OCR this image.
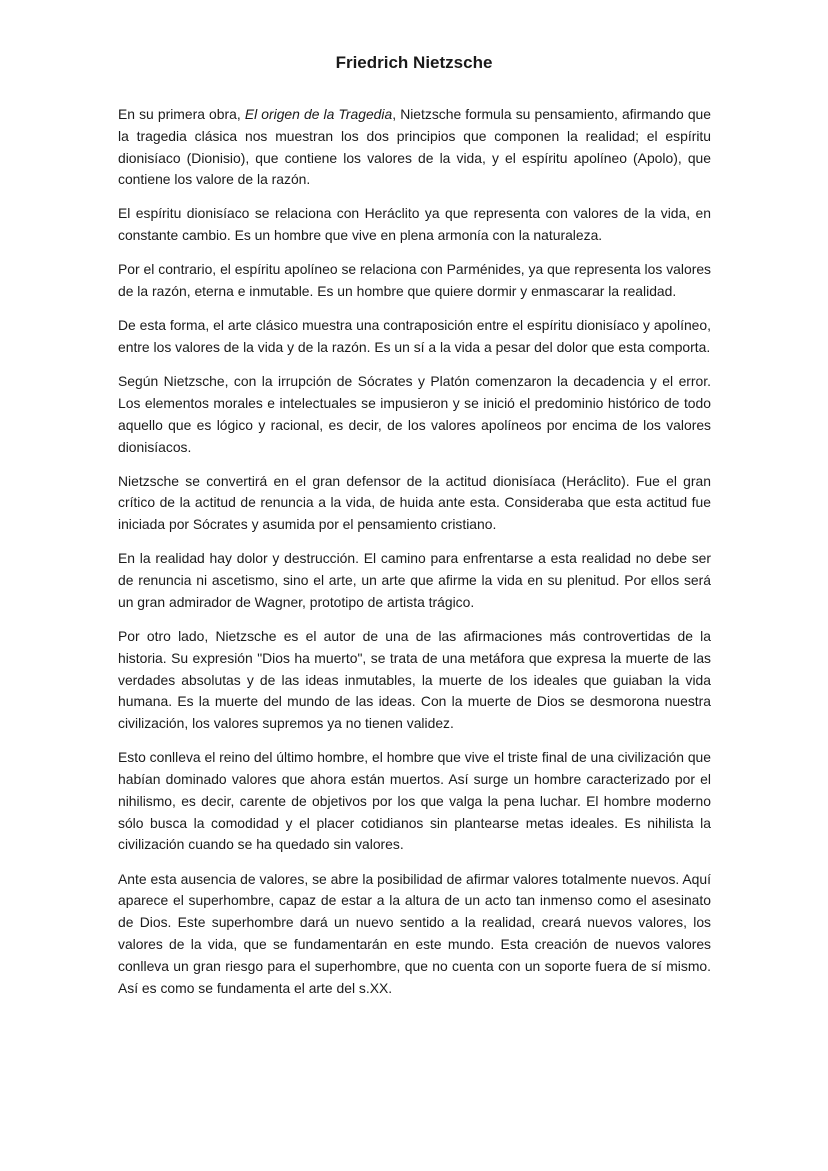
Friedrich Nietzsche

En su primera obra, El origen de la Tragedia, Nietzsche formula su pensamiento, afirmando que la tragedia clásica nos muestran los dos principios que componen la realidad; el espíritu dionisíaco (Dionisio), que contiene los valores de la vida, y el espíritu apolíneo (Apolo), que contiene los valore de la razón.

El espíritu dionisíaco se relaciona con Heráclito ya que representa con valores de la vida, en constante cambio. Es un hombre que vive en plena armonía con la naturaleza.

Por el contrario, el espíritu apolíneo se relaciona con Parménides, ya que representa los valores de la razón, eterna e inmutable. Es un hombre que quiere dormir y enmascarar la realidad.

De esta forma, el arte clásico muestra una contraposición entre el espíritu dionisíaco y apolíneo, entre los valores de la vida y de la razón. Es un sí a la vida a pesar del dolor que esta comporta.

Según Nietzsche, con la irrupción de Sócrates y Platón comenzaron la decadencia y el error. Los elementos morales e intelectuales se impusieron y se inició el predominio histórico de todo aquello que es lógico y racional, es decir, de los valores apolíneos por encima de los valores dionisíacos.

Nietzsche se convertirá en el gran defensor de la actitud dionisíaca (Heráclito). Fue el gran crítico de la actitud de renuncia a la vida, de huida ante esta. Consideraba que esta actitud fue iniciada por Sócrates y asumida por el pensamiento cristiano.

En la realidad hay dolor y destrucción. El camino para enfrentarse a esta realidad no debe ser de renuncia ni ascetismo, sino el arte, un arte que afirme la vida en su plenitud. Por ellos será un gran admirador de Wagner, prototipo de artista trágico.

Por otro lado, Nietzsche es el autor de una de las afirmaciones más controvertidas de la historia. Su expresión "Dios ha muerto", se trata de una metáfora que expresa la muerte de las verdades absolutas y de las ideas inmutables, la muerte de los ideales que guiaban la vida humana. Es la muerte del mundo de las ideas. Con la muerte de Dios se desmorona nuestra civilización, los valores supremos ya no tienen validez.

Esto conlleva el reino del último hombre, el hombre que vive el triste final de una civilización que habían dominado valores que ahora están muertos. Así surge un hombre caracterizado por el nihilismo, es decir, carente de objetivos por los que valga la pena luchar. El hombre moderno sólo busca la comodidad y el placer cotidianos sin plantearse metas ideales. Es nihilista la civilización cuando se ha quedado sin valores.

Ante esta ausencia de valores, se abre la posibilidad de afirmar valores totalmente nuevos. Aquí aparece el superhombre, capaz de estar a la altura de un acto tan inmenso como el asesinato de Dios. Este superhombre dará un nuevo sentido a la realidad, creará nuevos valores, los valores de la vida, que se fundamentarán en este mundo. Esta creación de nuevos valores conlleva un gran riesgo para el superhombre, que no cuenta con un soporte fuera de sí mismo. Así es como se fundamenta el arte del s.XX.
